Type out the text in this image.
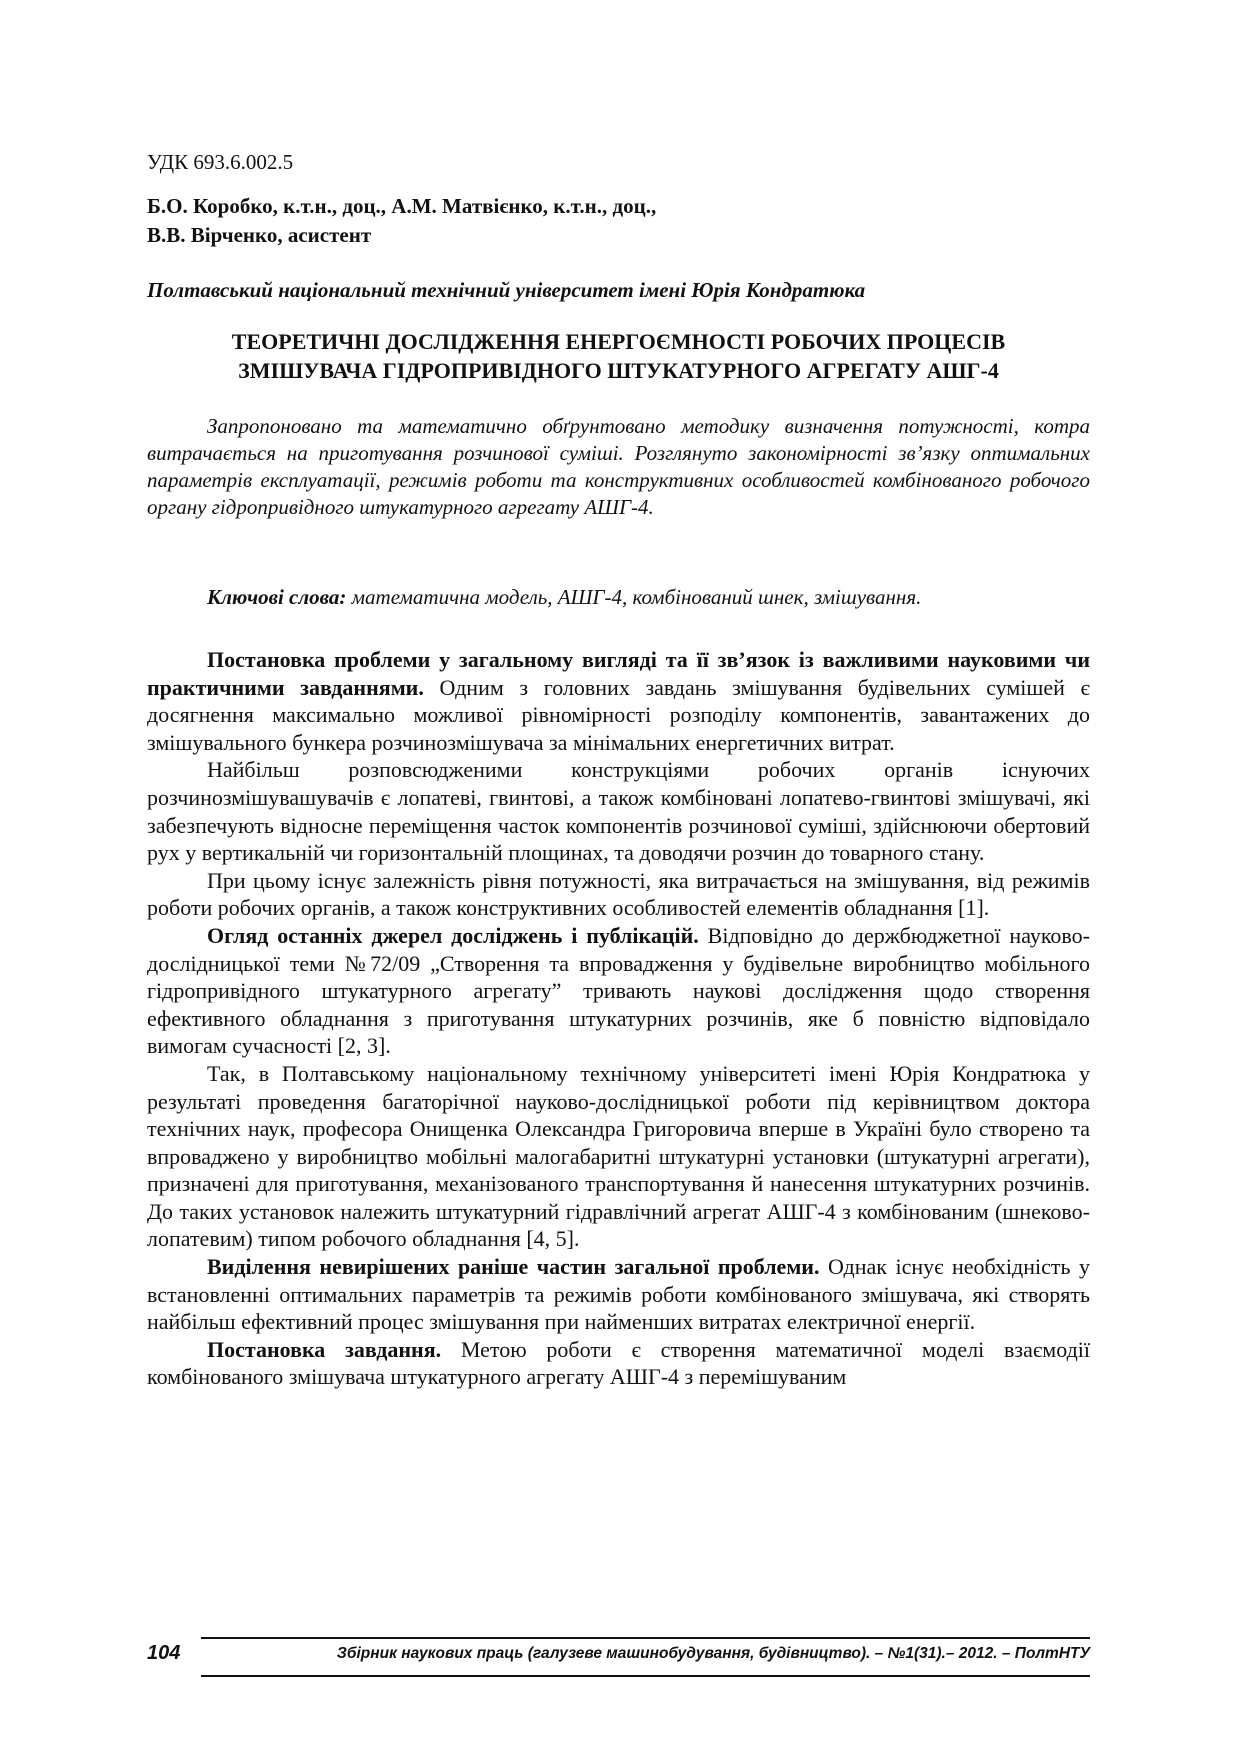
УДК 693.6.002.5
Б.О. Коробко, к.т.н., доц., А.М. Матвієнко, к.т.н., доц.,
В.В. Вірченко, асистент
Полтавський національний технічний університет імені Юрія Кондратюка
ТЕОРЕТИЧНІ ДОСЛІДЖЕННЯ ЕНЕРГОЄМНОСТІ РОБОЧИХ ПРОЦЕСІВ
ЗМІШУВАЧА ГІДРОПРИВІДНОГО ШТУКАТУРНОГО АГРЕГАТУ АШГ-4
Запропоновано та математично обґрунтовано методику визначення потужності, котра витрачається на приготування розчинової суміші. Розглянуто закономірності зв’язку оптимальних параметрів експлуатації, режимів роботи та конструктивних особливостей комбінованого робочого органу гідропривідного штукатурного агрегату АШГ-4.
Ключові слова: математична модель, АШГ-4, комбінований шнек, змішування.

Постановка проблеми у загальному вигляді та її зв’язок із важливими науковими чи практичними завданнями. Одним з головних завдань змішування будівельних сумішей є досягнення максимально можливої рівномірності розподілу компонентів, завантажених до змішувального бункера розчинозмішувача за мінімальних енергетичних витрат.

Найбільш розповсюдженими конструкціями робочих органів існуючих розчинозмішувашувачів є лопатеві, гвинтові, а також комбіновані лопатево-гвинтові змішувачі, які забезпечують відносне переміщення часток компонентів розчинової суміші, здійснюючи обертовий рух у вертикальній чи горизонтальній площинах, та доводячи розчин до товарного стану.

При цьому існує залежність рівня потужності, яка витрачається на змішування, від режимів роботи робочих органів, а також конструктивних особливостей елементів обладнання [1].

Огляд останніх джерел досліджень і публікацій. Відповідно до держбюджетної науково-дослідницької теми №72/09 „Створення та впровадження у будівельне виробництво мобільного гідропривідного штукатурного агрегату” тривають наукові дослідження щодо створення ефективного обладнання з приготування штукатурних розчинів, яке б повністю відповідало вимогам сучасності [2, 3].

Так, в Полтавському національному технічному університеті імені Юрія Кондратюка у результаті проведення багаторічної науково-дослідницької роботи під керівництвом доктора технічних наук, професора Онищенка Олександра Григоровича вперше в Україні було створено та впроваджено у виробництво мобільні малогабаритні штукатурні установки (штукатурні агрегати), призначені для приготування, механізованого транспортування й нанесення штукатурних розчинів. До таких установок належить штукатурний гідравлічний агрегат АШГ-4 з комбінованим (шнеково-лопатевим) типом робочого обладнання [4, 5].

Виділення невирішених раніше частин загальної проблеми. Однак існує необхідність у встановленні оптимальних параметрів та режимів роботи комбінованого змішувача, які створять найбільш ефективний процес змішування при найменших витратах електричної енергії.

Постановка завдання. Метою роботи є створення математичної моделі взаємодії комбінованого змішувача штукатурного агрегату АШГ-4 з перемішуваним

104	Збірник наукових праць (галузеве машинобудування, будівництво). – №1(31).– 2012. – ПолтНТУ
